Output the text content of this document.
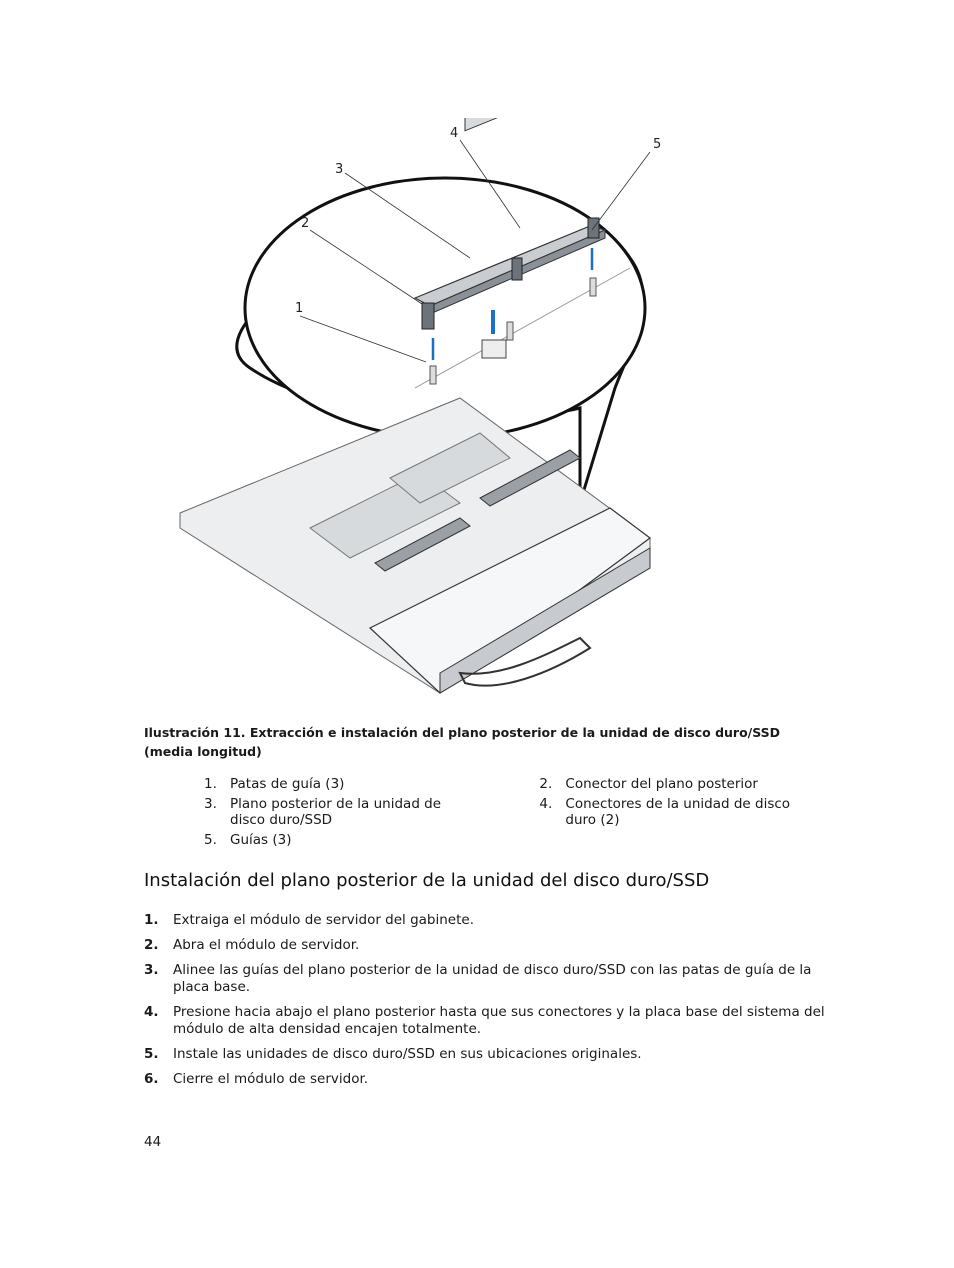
1
2
3
4
5
Ilustración 11. Extracción e instalación del plano posterior de la unidad de disco duro/SSD (media longitud)
1. Patas de guía (3)	2. Conector del plano posterior
3. Plano posterior de la unidad de disco duro/SSD
4. Conectores de la unidad de disco duro (2)
5. Guías (3)
Instalación del plano posterior de la unidad del disco duro/SSD
1.	Extraiga el módulo de servidor del gabinete.
2.	Abra el módulo de servidor.
3.	Alinee las guías del plano posterior de la unidad de disco duro/SSD con las patas de guía de la placa base.
4.	Presione hacia abajo el plano posterior hasta que sus conectores y la placa base del sistema del módulo de alta densidad encajen totalmente.
5.	Instale las unidades de disco duro/SSD en sus ubicaciones originales.
6.	Cierre el módulo de servidor.
44
